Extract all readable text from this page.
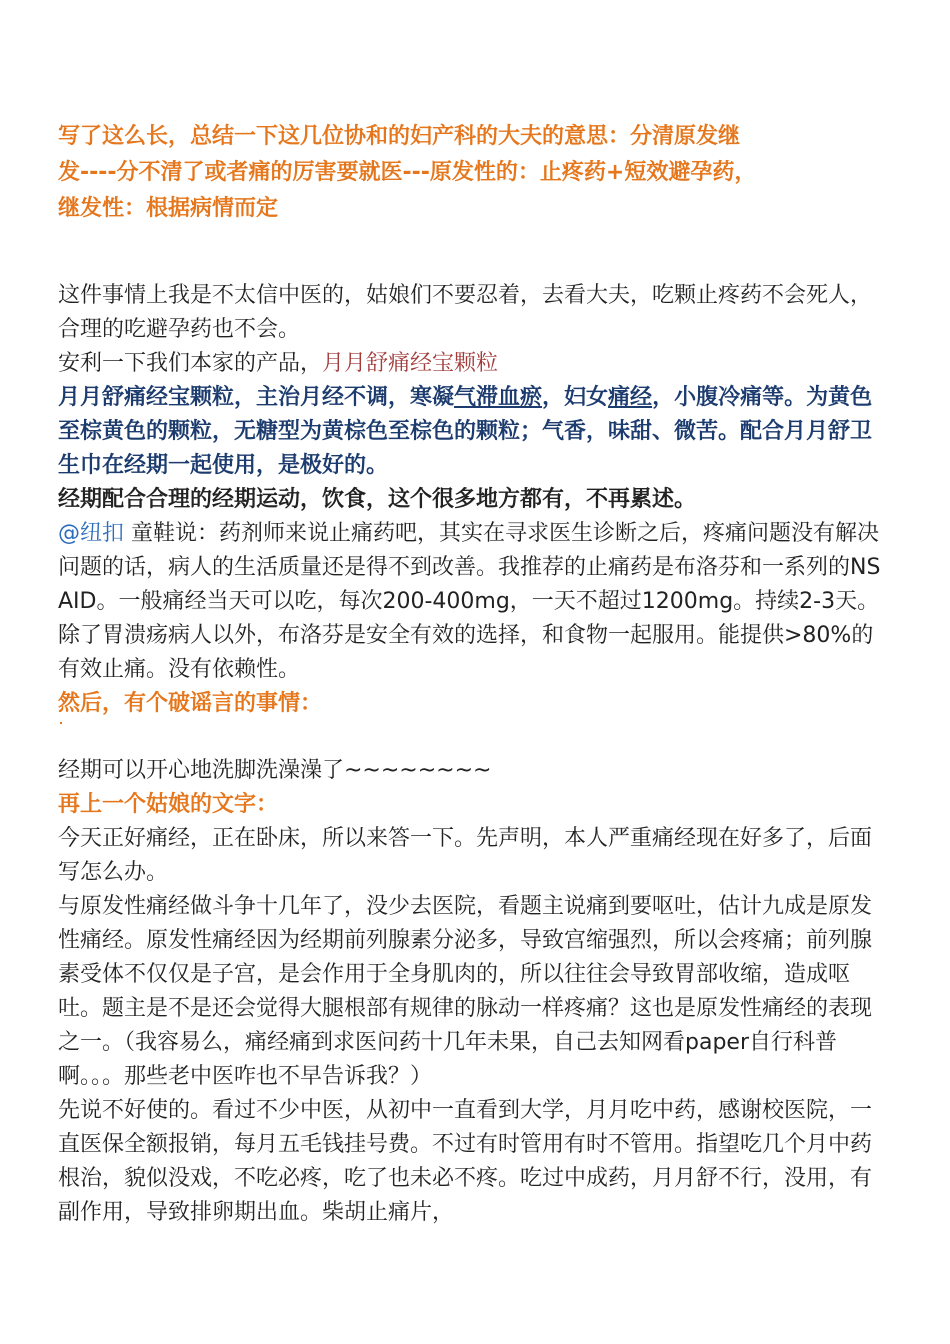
写了这么长，总结一下这几位协和的妇产科的大夫的意思：分清原发继

发----分不清了或者痛的厉害要就医---原发性的：止疼药+短效避孕药，

继发性：根据病情而定

这件事情上我是不太信中医的，姑娘们不要忍着，去看大夫，吃颗止疼药不会死人，合理的吃避孕药也不会。

安利一下我们本家的产品，月月舒痛经宝颗粒

月月舒痛经宝颗粒，主治月经不调，寒凝气滞血瘀，妇女痛经，小腹冷痛等。为黄色至棕黄色的颗粒，无糖型为黄棕色至棕色的颗粒；气香，味甜、微苦。配合月月舒卫生巾在经期一起使用，是极好的。

经期配合合理的经期运动，饮食，这个很多地方都有，不再累述。

@纽扣 童鞋说：药剂师来说止痛药吧，其实在寻求医生诊断之后，疼痛问题没有解决问题的话，病人的生活质量还是得不到改善。我推荐的止痛药是布洛芬和一系列的NSAID。一般痛经当天可以吃，每次200-400mg，一天不超过1200mg。持续2-3天。除了胃溃疡病人以外，布洛芬是安全有效的选择，和食物一起服用。能提供>80%的有效止痛。没有依赖性。

然后，有个破谣言的事情：

经期可以开心地洗脚洗澡澡了~~~~~~~~

再上一个姑娘的文字：

今天正好痛经，正在卧床，所以来答一下。先声明，本人严重痛经现在好多了，后面写怎么办。

与原发性痛经做斗争十几年了，没少去医院，看题主说痛到要呕吐，估计九成是原发性痛经。原发性痛经因为经期前列腺素分泌多，导致宫缩强烈，所以会疼痛；前列腺素受体不仅仅是子宫，是会作用于全身肌肉的，所以往往会导致胃部收缩，造成呕吐。题主是不是还会觉得大腿根部有规律的脉动一样疼痛？这也是原发性痛经的表现之一。（我容易么，痛经痛到求医问药十几年未果，自己去知网看paper自行科普啊。。。那些老中医咋也不早告诉我？）

先说不好使的。看过不少中医，从初中一直看到大学，月月吃中药，感谢校医院，一直医保全额报销，每月五毛钱挂号费。不过有时管用有时不管用。指望吃几个月中药根治，貌似没戏，不吃必疼，吃了也未必不疼。吃过中成药，月月舒不行，没用，有副作用，导致排卵期出血。柴胡止痛片，
